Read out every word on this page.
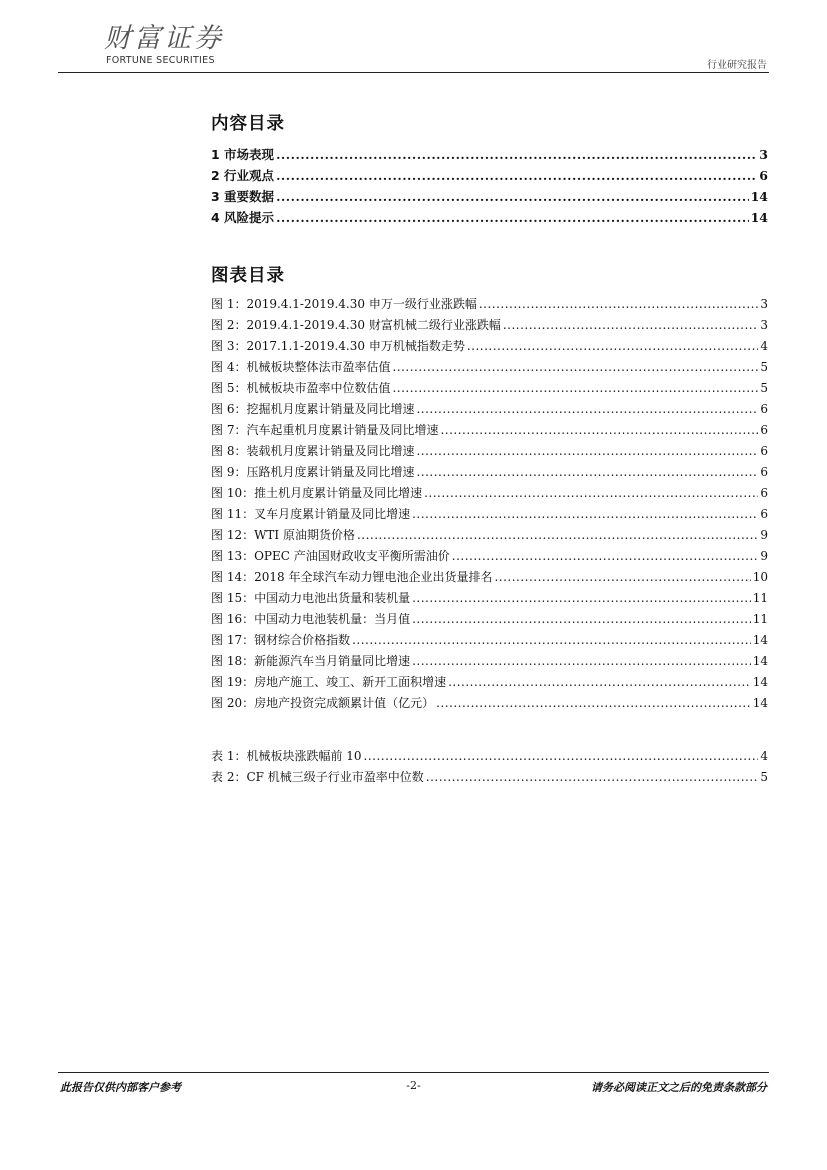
财富证券
FORTUNE SECURITIES	行业研究报告
内容目录
1 市场表现 .....	3
2 行业观点 .....	6
3 重要数据 .....	14
4 风险提示 .....	14
图表目录
图 1：2019.4.1-2019.4.30 申万一级行业涨跌幅 .....	3
图 2：2019.4.1-2019.4.30 财富机械二级行业涨跌幅 .....	3
图 3：2017.1.1-2019.4.30 申万机械指数走势 .....	4
图 4：机械板块整体法市盈率估值 .....	5
图 5：机械板块市盈率中位数估值 .....	5
图 6：挖掘机月度累计销量及同比增速 .....	6
图 7：汽车起重机月度累计销量及同比增速 .....	6
图 8：装载机月度累计销量及同比增速 .....	6
图 9：压路机月度累计销量及同比增速 .....	6
图 10：推土机月度累计销量及同比增速 .....	6
图 11：叉车月度累计销量及同比增速 .....	6
图 12：WTI 原油期货价格 .....	9
图 13：OPEC 产油国财政收支平衡所需油价 .....	9
图 14：2018 年全球汽车动力锂电池企业出货量排名 .....	10
图 15：中国动力电池出货量和装机量 .....	11
图 16：中国动力电池装机量：当月值 .....	11
图 17：钢材综合价格指数 .....	14
图 18：新能源汽车当月销量同比增速 .....	14
图 19：房地产施工、竣工、新开工面积增速 .....	14
图 20：房地产投资完成额累计值（亿元） .....	14
表 1：机械板块涨跌幅前 10 .....	4
表 2：CF 机械三级子行业市盈率中位数 .....	5
此报告仅供内部客户参考	-2-	请务必阅读正文之后的免责条款部分
